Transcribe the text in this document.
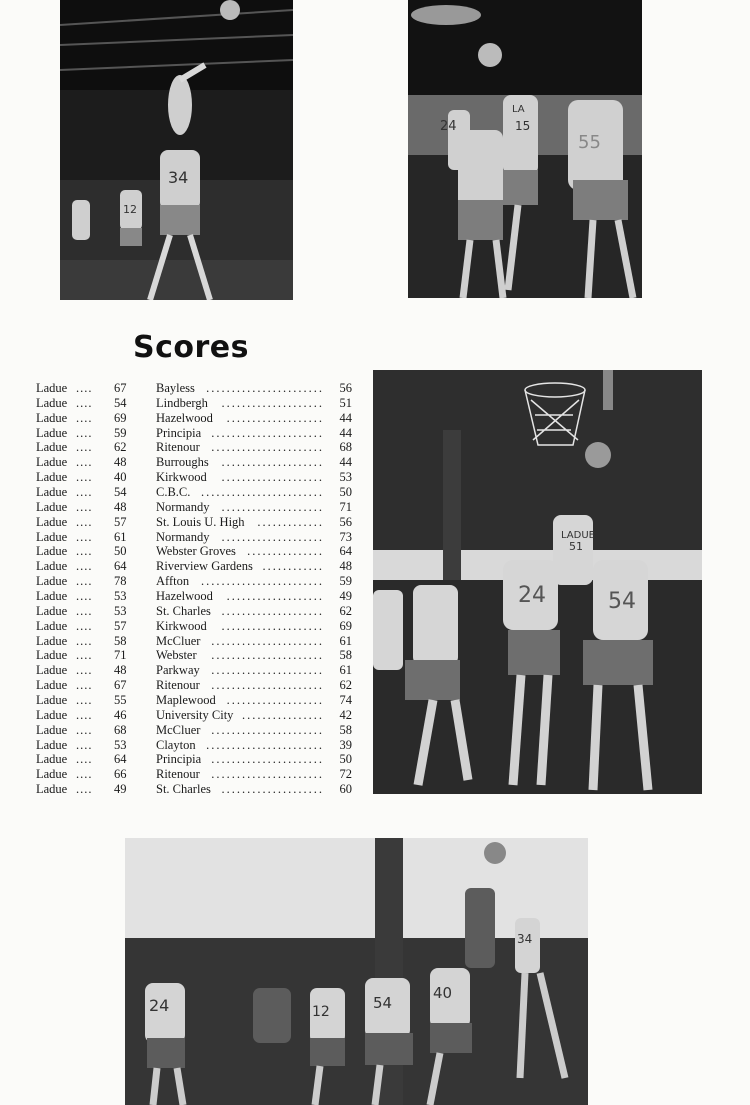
34
12
24	15
55
LA
Scores
Ladue .... 67 Bayless ....................... 56
Ladue .... 54 Lindbergh .................... 51
Ladue .... 69 Hazelwood ................... 44
Ladue .... 59 Principia ...................... 44
Ladue .... 62 Ritenour ...................... 68
Ladue .... 48 Burroughs .................... 44
Ladue .... 40 Kirkwood .................... 53
Ladue .... 54 C.B.C. ........................ 50
Ladue .... 48 Normandy .................... 71
Ladue .... 57 St. Louis U. High ............. 56
Ladue .... 61 Normandy .................... 73
Ladue .... 50 Webster Groves ............... 64
Ladue .... 64 Riverview Gardens ............ 48
Ladue .... 78 Affton ........................ 59
Ladue .... 53 Hazelwood ................... 49
Ladue .... 53 St. Charles .................... 62
Ladue .... 57 Kirkwood .................... 69
Ladue .... 58 McCluer ...................... 61
Ladue .... 71 Webster ...................... 58
Ladue .... 48 Parkway ...................... 61
Ladue .... 67 Ritenour ...................... 62
Ladue .... 55 Maplewood ................... 74
Ladue .... 46 University City ................ 42
Ladue .... 68 McCluer ...................... 58
Ladue .... 53 Clayton ....................... 39
Ladue .... 64 Principia ...................... 50
Ladue .... 66 Ritenour ...................... 72
Ladue .... 49 St. Charles .................... 60
24	54
51
LADUE
24	12	54
40
34
